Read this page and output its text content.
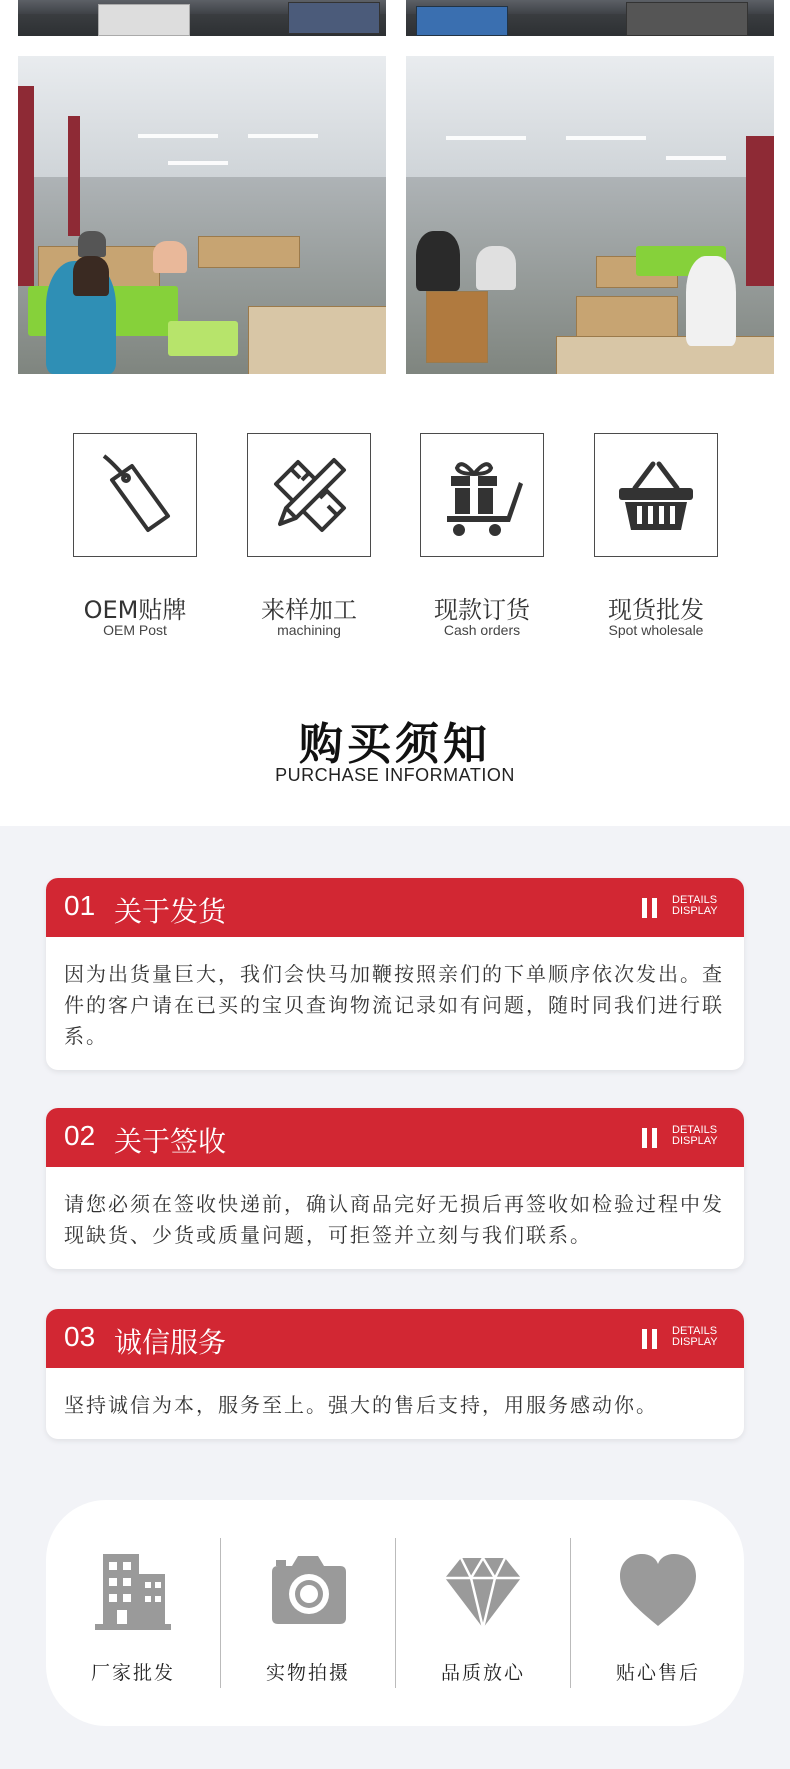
OEM贴牌
OEM Post
来样加工
machining
现款订货
Cash orders
现货批发
Spot wholesale
购买须知
PURCHASE INFORMATION
01 关于发货	DETAILS
DISPLAY
因为出货量巨大，我们会快马加鞭按照亲们的下单顺序依次发出。查件的客户请在已买的宝贝查询物流记录如有问题，随时同我们进行联系。
02 关于签收	DETAILS
DISPLAY
请您必须在签收快递前，确认商品完好无损后再签收如检验过程中发现缺货、少货或质量问题，可拒签并立刻与我们联系。
03 诚信服务	DETAILS
DISPLAY
坚持诚信为本，服务至上。强大的售后支持，用服务感动你。
厂家批发	实物拍摄	品质放心	贴心售后
